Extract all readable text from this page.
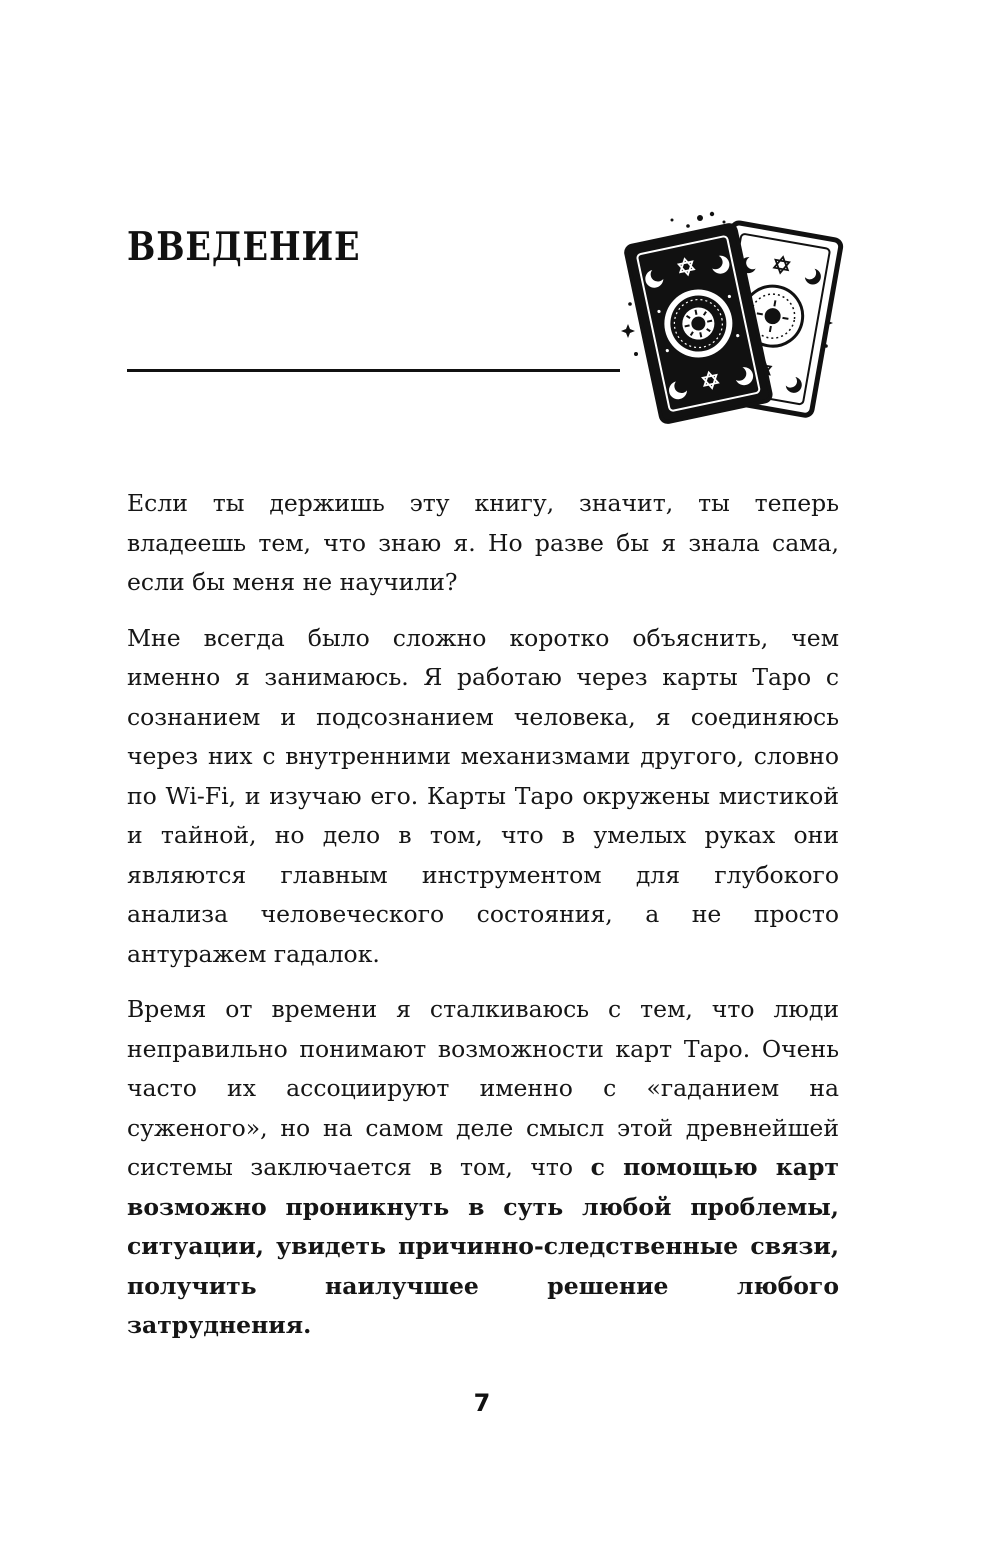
ВВЕДЕНИЕ

Если ты держишь эту книгу, значит, ты теперь владеешь тем, что знаю я. Но разве бы я знала сама, если бы меня не научили?

Мне всегда было сложно коротко объяснить, чем именно я занимаюсь. Я работаю через карты Таро с сознанием и подсознанием человека, я соединяюсь через них с внутренними механизмами другого, словно по Wi-Fi, и изучаю его. Карты Таро окружены мистикой и тайной, но дело в том, что в умелых руках они являются главным инструментом для глубокого анализа человеческого состояния, а не просто антуражем гадалок.

Время от времени я сталкиваюсь с тем, что люди неправильно понимают возможности карт Таро. Очень часто их ассоциируют именно с «гаданием на суженого», но на самом деле смысл этой древнейшей системы заключается в том, что с помощью карт возможно проникнуть в суть любой проблемы, ситуации, увидеть причинно-следственные связи, получить наилучшее решение любого затруднения.

7
